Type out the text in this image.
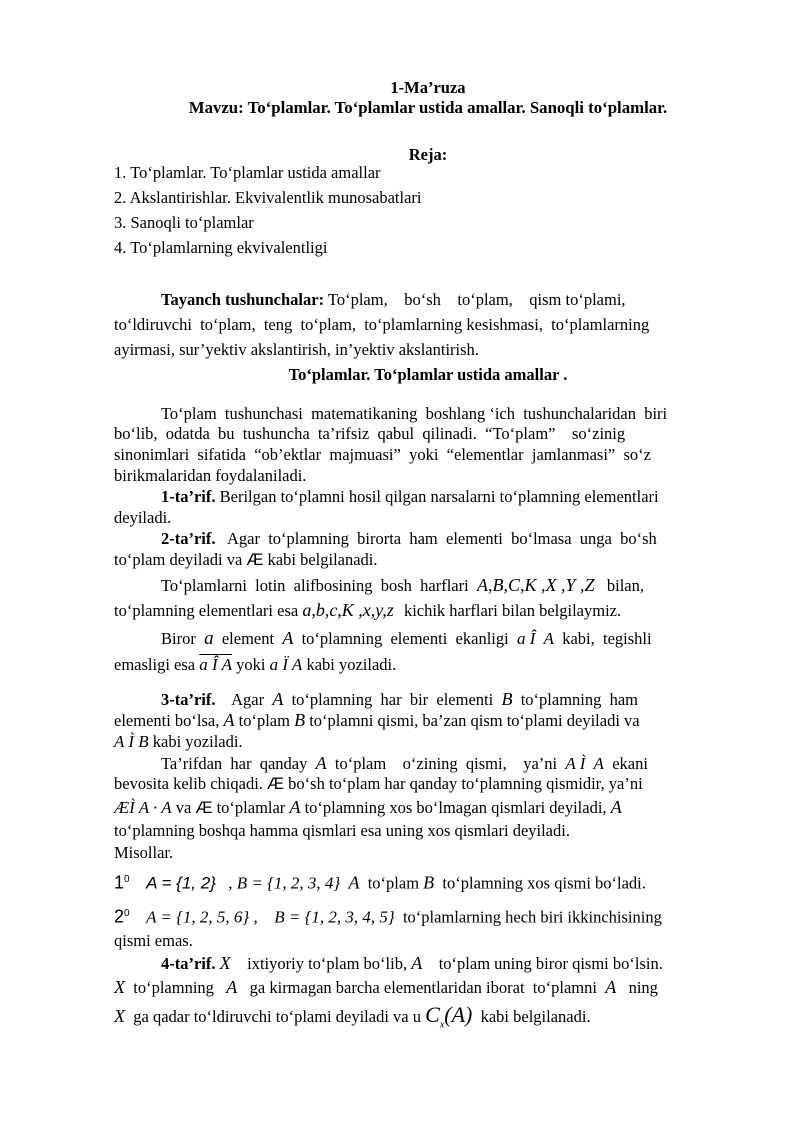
1-Ma’ruza
Mavzu: To‘plamlar. To‘plamlar ustida amallar. Sanoqli to‘plamlar.
Reja:
1. To‘plamlar. To‘plamlar ustida amallar
2. Akslantirishlar. Ekvivalentlik munosabatlari
3. Sanoqli to‘plamlar
4. To‘plamlarning ekvivalentligi
Tayanch tushunchalar: To‘plam,    bo‘sh    to‘plam,    qism to‘plami,
to‘ldiruvchi  to‘plam,  teng  to‘plam,  to‘plamlarning kesishmasi,  to‘plamlarning
ayirmasi, sur’yektiv akslantirish, in’yektiv akslantirish.
To‘plamlar. To‘plamlar ustida amallar .
To‘plam  tushunchasi  matematikaning  boshlang ‘ich  tushunchalaridan  biri
bo‘lib,  odatda  bu  tushuncha  ta’rifsiz  qabul  qilinadi.  “To‘plam”    so‘zinig
sinonimlari  sifatida  “ob’ektlar  majmuasi”  yoki  “elementlar  jamlanmasi”  so‘z
birikmalaridan foydalaniladi.
1-ta’rif. Berilgan to‘plamni hosil qilgan narsalarni to‘plamning elementlari
deyiladi.
2-ta’rif. Agar  to‘plamning  birorta  ham  elementi  bo‘lmasa  unga  bo‘sh
to‘plam deyiladi va Æ kabi belgilanadi.
To‘plamlarni  lotin  alifbosining  bosh  harflari A,B,C,K ,X ,Y ,Z bilan,
to‘plamning elementlari esa a,b,c,K ,x,y,z kichik harflari bilan belgilaymiz.
Biror a element A to‘plamning  elementi  ekanligi a Î  A kabi,  tegishli
emasligi esa a Î A yoki a Ï A kabi yoziladi.
3-ta’rif. Agar A to‘plamning  har  bir  elementi B to‘plamning  ham
elementi bo‘lsa, A to‘plam B to‘plamni qismi, ba’zan qism to‘plami deyiladi va
A Ì B kabi yoziladi.
Ta’rifdan  har  qanday A to‘plam    o‘zining  qismi,    ya’ni A Ì  A ekani
bevosita kelib chiqadi. Æ bo‘sh to‘plam har qanday to‘plamning qismidir, ya’ni
ÆÌ A · A va Æ to‘plamlar A to‘plamning xos bo‘lmagan qismlari deyiladi, A
to‘plamning boshqa hamma qismlari esa uning xos qismlari deyiladi.
Misollar.
$1^0$ A = {1, 2} , B = {1, 2, 3, 4} A to‘plam B to‘plamning xos qismi bo‘ladi.
$2^0$ A = {1, 2, 5, 6} , B = {1, 2, 3, 4, 5} to‘plamlarning hech biri ikkinchisining
qismi emas.
4-ta’rif. X ixtiyoriy to‘plam bo‘lib, A to‘plam uning biror qismi bo‘lsin.
X to‘plamning A ga kirmagan barcha elementlaridan iborat  to‘plamni A ning
X ga qadar to‘ldiruvchi to‘plami deyiladi va u $C_x(A)$ kabi belgilanadi.
